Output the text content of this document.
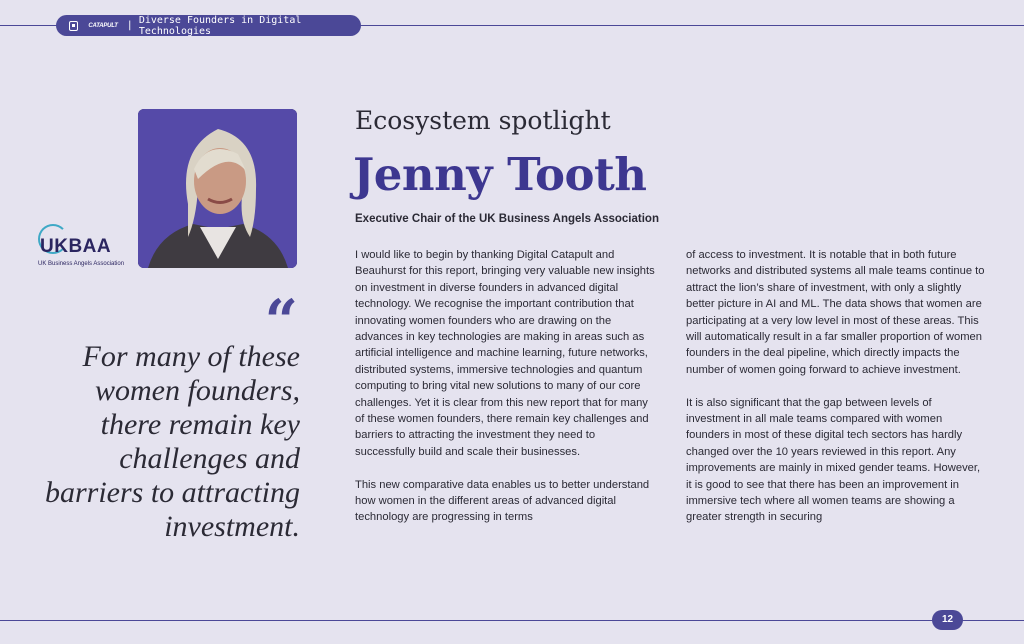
CATAPULT | Diverse Founders in Digital Technologies
UKBAA
UK Business Angels Association
“
For many of these women founders, there remain key challenges and barriers to attracting investment.
Ecosystem spotlight
Jenny Tooth
Executive Chair of the UK Business Angels Association

I would like to begin by thanking Digital Catapult and Beauhurst for this report, bringing very valuable new insights on investment in diverse founders in advanced digital technology. We recognise the important contribution that innovating women founders who are drawing on the advances in key technologies are making in areas such as artificial intelligence and machine learning, future networks, distributed systems, immersive technologies and quantum computing to bring vital new solutions to many of our core challenges. Yet it is clear from this new report that for many of these women founders, there remain key challenges and barriers to attracting the investment they need to successfully build and scale their businesses.

This new comparative data enables us to better understand how women in the different areas of advanced digital technology are progressing in terms

of access to investment. It is notable that in both future networks and distributed systems all male teams continue to attract the lion’s share of investment, with only a slightly better picture in AI and ML. The data shows that women are participating at a very low level in most of these areas. This will automatically result in a far smaller proportion of women founders in the deal pipeline, which directly impacts the number of women going forward to achieve investment.

It is also significant that the gap between levels of investment in all male teams compared with women founders in most of these digital tech sectors has hardly changed over the 10 years reviewed in this report. Any improvements are mainly in mixed gender teams. However, it is good to see that there has been an improvement in immersive tech where all women teams are showing a greater strength in securing

12
